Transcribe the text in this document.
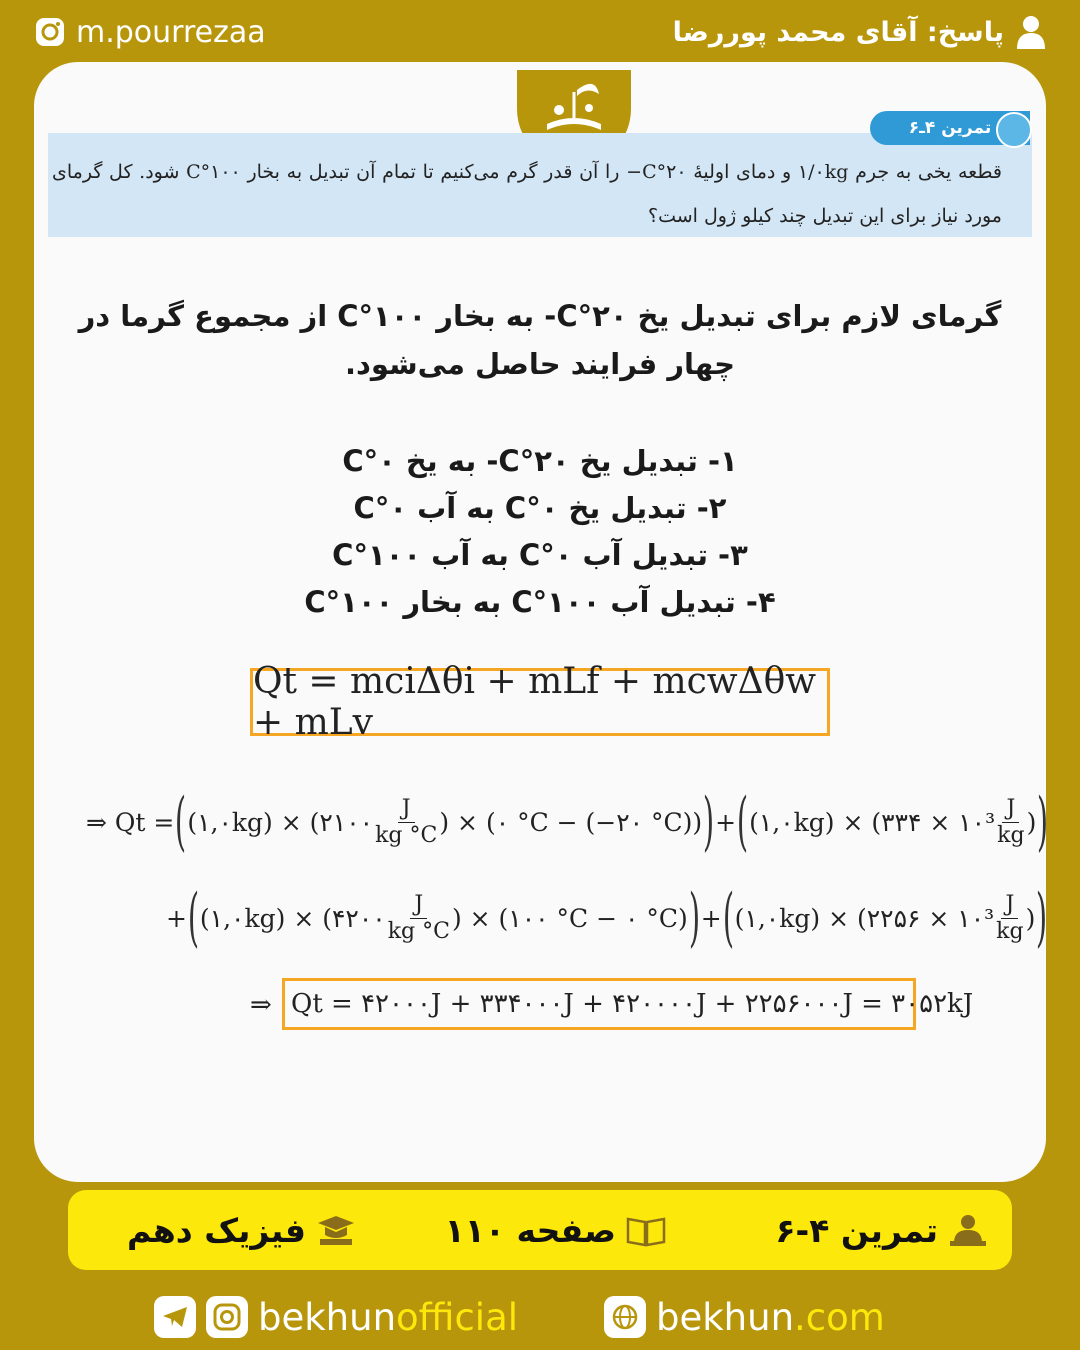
m.pourrezaa	پاسخ: آقای محمد پوررضا
تمرین ۴ـ۶
قطعه یخی به جرم ۱/۰kg و دمای اولیهٔ ۲۰°C− را آن قدر گرم می‌کنیم تا تمام آن تبدیل به بخار ۱۰۰°C شود. کل گرمای مورد نیاز برای این تبدیل چند کیلو ژول است؟
گرمای لازم برای تبدیل یخ ۲۰°C- به بخار ۱۰۰°C از مجموع گرما در چهار فرایند حاصل می‌شود.
۱- تبدیل یخ ۲۰°C- به یخ ۰°C
۲- تبدیل یخ ۰°C به آب ۰°C
۳- تبدیل آب ۰°C به آب ۱۰۰°C
۴- تبدیل آب ۱۰۰°C به بخار ۱۰۰°C
Qt = mciΔθi + mLf + mcwΔθw + mLv
⇒ Qt = ( (۱,۰kg) × (۲۱۰۰ $\frac{J}{kg ^\circ C}$ ) × (۰ °C − (−۲۰ °C)) ) + ( (۱,۰kg) × (۳۳۴ × ۱۰³ $\frac{J}{kg}$ ) )
+ ( (۱,۰kg) × (۴۲۰۰ $\frac{J}{kg ^\circ C}$ ) × (۱۰۰ °C − ۰ °C) ) + ( (۱,۰kg) × (۲۲۵۶ × ۱۰³ $\frac{J}{kg}$ ) )
⇒ Qt = ۴۲۰۰۰J + ۳۳۴۰۰۰J + ۴۲۰۰۰۰J + ۲۲۵۶۰۰۰J = ۳۰۵۲kJ
تمرین ۴-۶
صفحه ۱۱۰
فیزیک دهم
bekhunofficial	bekhun.com
